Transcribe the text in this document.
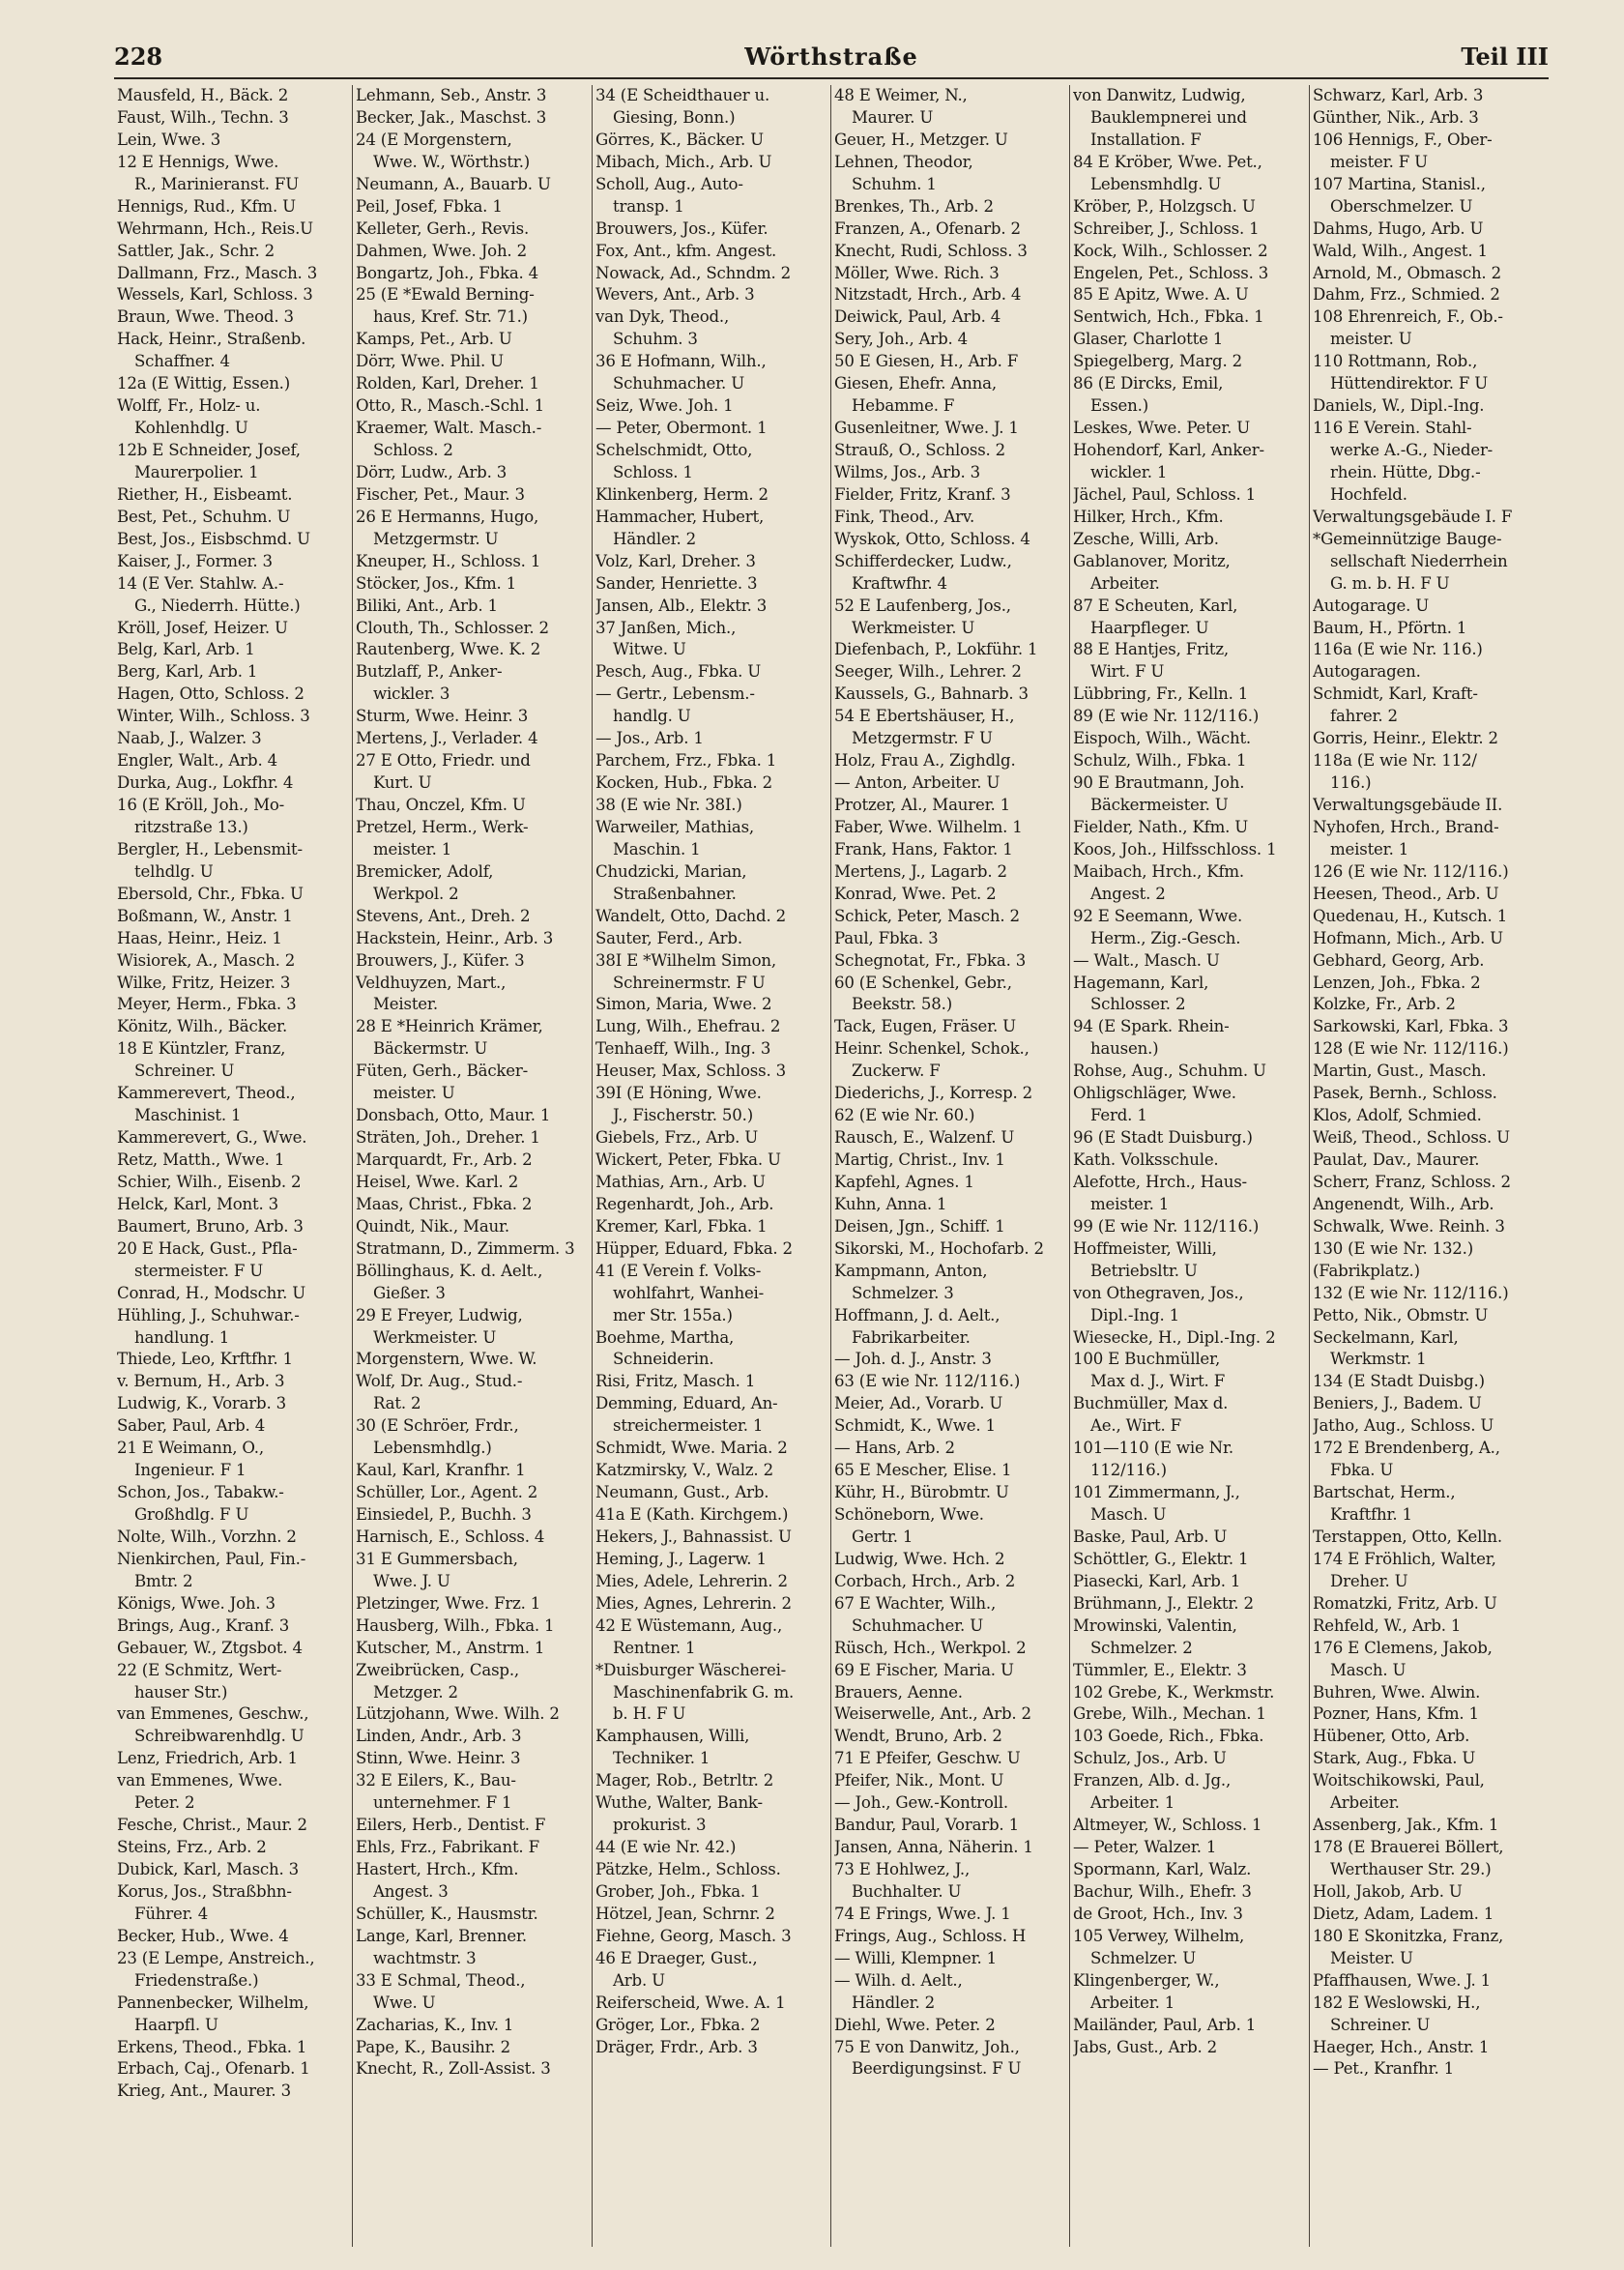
Wörthstraße
228	Teil III
Mausfeld, H., Bäck. 2
Faust, Wilh., Techn. 3
Lein, Wwe. 3
12 E Hennigs, Wwe.
R., Marinieranst. FU
Hennigs, Rud., Kfm. U
Wehrmann, Hch., Reis.U
Sattler, Jak., Schr. 2
Dallmann, Frz., Masch. 3
Wessels, Karl, Schloss. 3
Braun, Wwe. Theod. 3
Hack, Heinr., Straßenb.
Schaffner. 4
12a (E Wittig, Essen.)
Wolff, Fr., Holz- u.
Kohlenhdlg. U
12b E Schneider, Josef,
Maurerpolier. 1
Riether, H., Eisbeamt.
Best, Pet., Schuhm. U
Best, Jos., Eisbschmd. U
Kaiser, J., Former. 3
14 (E Ver. Stahlw. A.-
G., Niederrh. Hütte.)
Kröll, Josef, Heizer. U
Belg, Karl, Arb. 1
Berg, Karl, Arb. 1
Hagen, Otto, Schloss. 2
Winter, Wilh., Schloss. 3
Naab, J., Walzer. 3
Engler, Walt., Arb. 4
Durka, Aug., Lokfhr. 4
16 (E Kröll, Joh., Mo-
ritzstraße 13.)
Bergler, H., Lebensmit-
telhdlg. U
Ebersold, Chr., Fbka. U
Boßmann, W., Anstr. 1
Haas, Heinr., Heiz. 1
Wisiorek, A., Masch. 2
Wilke, Fritz, Heizer. 3
Meyer, Herm., Fbka. 3
Könitz, Wilh., Bäcker.
18 E Küntzler, Franz,
Schreiner. U
Kammerevert, Theod.,
Maschinist. 1
Kammerevert, G., Wwe.
Retz, Matth., Wwe. 1
Schier, Wilh., Eisenb. 2
Helck, Karl, Mont. 3
Baumert, Bruno, Arb. 3
20 E Hack, Gust., Pfla-
stermeister. F U
Conrad, H., Modschr. U
Hühling, J., Schuhwar.-
handlung. 1
Thiede, Leo, Krftfhr. 1
v. Bernum, H., Arb. 3
Ludwig, K., Vorarb. 3
Saber, Paul, Arb. 4
21 E Weimann, O.,
Ingenieur. F 1
Schon, Jos., Tabakw.-
Großhdlg. F U
Nolte, Wilh., Vorzhn. 2
Nienkirchen, Paul, Fin.-
Bmtr. 2
Königs, Wwe. Joh. 3
Brings, Aug., Kranf. 3
Gebauer, W., Ztgsbot. 4
22 (E Schmitz, Wert-
hauser Str.)
van Emmenes, Geschw.,
Schreibwarenhdlg. U
Lenz, Friedrich, Arb. 1
van Emmenes, Wwe.
Peter. 2
Fesche, Christ., Maur. 2
Steins, Frz., Arb. 2
Dubick, Karl, Masch. 3
Korus, Jos., Straßbhn-
Führer. 4
Becker, Hub., Wwe. 4
23 (E Lempe, Anstreich.,
Friedenstraße.)
Pannenbecker, Wilhelm,
Haarpfl. U
Erkens, Theod., Fbka. 1
Erbach, Caj., Ofenarb. 1
Krieg, Ant., Maurer. 3
Lehmann, Seb., Anstr. 3
Becker, Jak., Maschst. 3
24 (E Morgenstern,
Wwe. W., Wörthstr.)
Neumann, A., Bauarb. U
Peil, Josef, Fbka. 1
Kelleter, Gerh., Revis.
Dahmen, Wwe. Joh. 2
Bongartz, Joh., Fbka. 4
25 (E *Ewald Berning-
haus, Kref. Str. 71.)
Kamps, Pet., Arb. U
Dörr, Wwe. Phil. U
Rolden, Karl, Dreher. 1
Otto, R., Masch.-Schl. 1
Kraemer, Walt. Masch.-
Schloss. 2
Dörr, Ludw., Arb. 3
Fischer, Pet., Maur. 3
26 E Hermanns, Hugo,
Metzgermstr. U
Kneuper, H., Schloss. 1
Stöcker, Jos., Kfm. 1
Biliki, Ant., Arb. 1
Clouth, Th., Schlosser. 2
Rautenberg, Wwe. K. 2
Butzlaff, P., Anker-
wickler. 3
Sturm, Wwe. Heinr. 3
Mertens, J., Verlader. 4
27 E Otto, Friedr. und
Kurt. U
Thau, Onczel, Kfm. U
Pretzel, Herm., Werk-
meister. 1
Bremicker, Adolf,
Werkpol. 2
Stevens, Ant., Dreh. 2
Hackstein, Heinr., Arb. 3
Brouwers, J., Küfer. 3
Veldhuyzen, Mart.,
Meister.
28 E *Heinrich Krämer,
Bäckermstr. U
Füten, Gerh., Bäcker-
meister. U
Donsbach, Otto, Maur. 1
Sträten, Joh., Dreher. 1
Marquardt, Fr., Arb. 2
Heisel, Wwe. Karl. 2
Maas, Christ., Fbka. 2
Quindt, Nik., Maur.
Stratmann, D., Zimmerm. 3
Böllinghaus, K. d. Aelt.,
Gießer. 3
29 E Freyer, Ludwig,
Werkmeister. U
Morgenstern, Wwe. W.
Wolf, Dr. Aug., Stud.-
Rat. 2
30 (E Schröer, Frdr.,
Lebensmhdlg.)
Kaul, Karl, Kranfhr. 1
Schüller, Lor., Agent. 2
Einsiedel, P., Buchh. 3
Harnisch, E., Schloss. 4
31 E Gummersbach,
Wwe. J. U
Pletzinger, Wwe. Frz. 1
Hausberg, Wilh., Fbka. 1
Kutscher, M., Anstrm. 1
Zweibrücken, Casp.,
Metzger. 2
Lützjohann, Wwe. Wilh. 2
Linden, Andr., Arb. 3
Stinn, Wwe. Heinr. 3
32 E Eilers, K., Bau-
unternehmer. F 1
Eilers, Herb., Dentist. F
Ehls, Frz., Fabrikant. F
Hastert, Hrch., Kfm.
Angest. 3
Schüller, K., Hausmstr.
Lange, Karl, Brenner.
wachtmstr. 3
33 E Schmal, Theod.,
Wwe. U
Zacharias, K., Inv. 1
Pape, K., Bausihr. 2
Knecht, R., Zoll-Assist. 3
34 (E Scheidthauer u.
Giesing, Bonn.)
Görres, K., Bäcker. U
Mibach, Mich., Arb. U
Scholl, Aug., Auto-
transp. 1
Brouwers, Jos., Küfer.
Fox, Ant., kfm. Angest.
Nowack, Ad., Schndm. 2
Wevers, Ant., Arb. 3
van Dyk, Theod.,
Schuhm. 3
36 E Hofmann, Wilh.,
Schuhmacher. U
Seiz, Wwe. Joh. 1
— Peter, Obermont. 1
Schelschmidt, Otto,
Schloss. 1
Klinkenberg, Herm. 2
Hammacher, Hubert,
Händler. 2
Volz, Karl, Dreher. 3
Sander, Henriette. 3
Jansen, Alb., Elektr. 3
37 Janßen, Mich.,
Witwe. U
Pesch, Aug., Fbka. U
— Gertr., Lebensm.-
handlg. U
— Jos., Arb. 1
Parchem, Frz., Fbka. 1
Kocken, Hub., Fbka. 2
38 (E wie Nr. 38I.)
Warweiler, Mathias,
Maschin. 1
Chudzicki, Marian,
Straßenbahner.
Wandelt, Otto, Dachd. 2
Sauter, Ferd., Arb.
38I E *Wilhelm Simon,
Schreinermstr. F U
Simon, Maria, Wwe. 2
Lung, Wilh., Ehefrau. 2
Tenhaeff, Wilh., Ing. 3
Heuser, Max, Schloss. 3
39I (E Höning, Wwe.
J., Fischerstr. 50.)
Giebels, Frz., Arb. U
Wickert, Peter, Fbka. U
Mathias, Arn., Arb. U
Regenhardt, Joh., Arb.
Kremer, Karl, Fbka. 1
Hüpper, Eduard, Fbka. 2
41 (E Verein f. Volks-
wohlfahrt, Wanhei-
mer Str. 155a.)
Boehme, Martha,
Schneiderin.
Risi, Fritz, Masch. 1
Demming, Eduard, An-
streichermeister. 1
Schmidt, Wwe. Maria. 2
Katzmirsky, V., Walz. 2
Neumann, Gust., Arb.
41a E (Kath. Kirchgem.)
Hekers, J., Bahnassist. U
Heming, J., Lagerw. 1
Mies, Adele, Lehrerin. 2
Mies, Agnes, Lehrerin. 2
42 E Wüstemann, Aug.,
Rentner. 1
*Duisburger Wäscherei-
Maschinenfabrik G. m.
b. H. F U
Kamphausen, Willi,
Techniker. 1
Mager, Rob., Betrltr. 2
Wuthe, Walter, Bank-
prokurist. 3
44 (E wie Nr. 42.)
Pätzke, Helm., Schloss.
Grober, Joh., Fbka. 1
Hötzel, Jean, Schrnr. 2
Fiehne, Georg, Masch. 3
46 E Draeger, Gust.,
Arb. U
Reiferscheid, Wwe. A. 1
Gröger, Lor., Fbka. 2
Dräger, Frdr., Arb. 3
48 E Weimer, N.,
Maurer. U
Geuer, H., Metzger. U
Lehnen, Theodor,
Schuhm. 1
Brenkes, Th., Arb. 2
Franzen, A., Ofenarb. 2
Knecht, Rudi, Schloss. 3
Möller, Wwe. Rich. 3
Nitzstadt, Hrch., Arb. 4
Deiwick, Paul, Arb. 4
Sery, Joh., Arb. 4
50 E Giesen, H., Arb. F
Giesen, Ehefr. Anna,
Hebamme. F
Gusenleitner, Wwe. J. 1
Strauß, O., Schloss. 2
Wilms, Jos., Arb. 3
Fielder, Fritz, Kranf. 3
Fink, Theod., Arv.
Wyskok, Otto, Schloss. 4
Schifferdecker, Ludw.,
Kraftwfhr. 4
52 E Laufenberg, Jos.,
Werkmeister. U
Diefenbach, P., Lokführ. 1
Seeger, Wilh., Lehrer. 2
Kaussels, G., Bahnarb. 3
54 E Ebertshäuser, H.,
Metzgermstr. F U
Holz, Frau A., Zighdlg.
— Anton, Arbeiter. U
Protzer, Al., Maurer. 1
Faber, Wwe. Wilhelm. 1
Frank, Hans, Faktor. 1
Mertens, J., Lagarb. 2
Konrad, Wwe. Pet. 2
Schick, Peter, Masch. 2
Paul, Fbka. 3
Schegnotat, Fr., Fbka. 3
60 (E Schenkel, Gebr.,
Beekstr. 58.)
Tack, Eugen, Fräser. U
Heinr. Schenkel, Schok.,
Zuckerw. F
Diederichs, J., Korresp. 2
62 (E wie Nr. 60.)
Rausch, E., Walzenf. U
Martig, Christ., Inv. 1
Kapfehl, Agnes. 1
Kuhn, Anna. 1
Deisen, Jgn., Schiff. 1
Sikorski, M., Hochofarb. 2
Kampmann, Anton,
Schmelzer. 3
Hoffmann, J. d. Aelt.,
Fabrikarbeiter.
— Joh. d. J., Anstr. 3
63 (E wie Nr. 112/116.)
Meier, Ad., Vorarb. U
Schmidt, K., Wwe. 1
— Hans, Arb. 2
65 E Mescher, Elise. 1
Kühr, H., Bürobmtr. U
Schöneborn, Wwe.
Gertr. 1
Ludwig, Wwe. Hch. 2
Corbach, Hrch., Arb. 2
67 E Wachter, Wilh.,
Schuhmacher. U
Rüsch, Hch., Werkpol. 2
69 E Fischer, Maria. U
Brauers, Aenne.
Weiserwelle, Ant., Arb. 2
Wendt, Bruno, Arb. 2
71 E Pfeifer, Geschw. U
Pfeifer, Nik., Mont. U
— Joh., Gew.-Kontroll.
Bandur, Paul, Vorarb. 1
Jansen, Anna, Näherin. 1
73 E Hohlwez, J.,
Buchhalter. U
74 E Frings, Wwe. J. 1
Frings, Aug., Schloss. H
— Willi, Klempner. 1
— Wilh. d. Aelt.,
Händler. 2
Diehl, Wwe. Peter. 2
75 E von Danwitz, Joh.,
Beerdigungsinst. F U
von Danwitz, Ludwig,
Bauklempnerei und
Installation. F
84 E Kröber, Wwe. Pet.,
Lebensmhdlg. U
Kröber, P., Holzgsch. U
Schreiber, J., Schloss. 1
Kock, Wilh., Schlosser. 2
Engelen, Pet., Schloss. 3
85 E Apitz, Wwe. A. U
Sentwich, Hch., Fbka. 1
Glaser, Charlotte 1
Spiegelberg, Marg. 2
86 (E Dircks, Emil,
Essen.)
Leskes, Wwe. Peter. U
Hohendorf, Karl, Anker-
wickler. 1
Jächel, Paul, Schloss. 1
Hilker, Hrch., Kfm.
Zesche, Willi, Arb.
Gablanover, Moritz,
Arbeiter.
87 E Scheuten, Karl,
Haarpfleger. U
88 E Hantjes, Fritz,
Wirt. F U
Lübbring, Fr., Kelln. 1
89 (E wie Nr. 112/116.)
Eispoch, Wilh., Wächt.
Schulz, Wilh., Fbka. 1
90 E Brautmann, Joh.
Bäckermeister. U
Fielder, Nath., Kfm. U
Koos, Joh., Hilfsschloss. 1
Maibach, Hrch., Kfm.
Angest. 2
92 E Seemann, Wwe.
Herm., Zig.-Gesch.
— Walt., Masch. U
Hagemann, Karl,
Schlosser. 2
94 (E Spark. Rhein-
hausen.)
Rohse, Aug., Schuhm. U
Ohligschläger, Wwe.
Ferd. 1
96 (E Stadt Duisburg.)
Kath. Volksschule.
Alefotte, Hrch., Haus-
meister. 1
99 (E wie Nr. 112/116.)
Hoffmeister, Willi,
Betriebsltr. U
von Othegraven, Jos.,
Dipl.-Ing. 1
Wiesecke, H., Dipl.-Ing. 2
100 E Buchmüller,
Max d. J., Wirt. F
Buchmüller, Max d.
Ae., Wirt. F
101—110 (E wie Nr.
112/116.)
101 Zimmermann, J.,
Masch. U
Baske, Paul, Arb. U
Schöttler, G., Elektr. 1
Piasecki, Karl, Arb. 1
Brühmann, J., Elektr. 2
Mrowinski, Valentin,
Schmelzer. 2
Tümmler, E., Elektr. 3
102 Grebe, K., Werkmstr.
Grebe, Wilh., Mechan. 1
103 Goede, Rich., Fbka.
Schulz, Jos., Arb. U
Franzen, Alb. d. Jg.,
Arbeiter. 1
Altmeyer, W., Schloss. 1
— Peter, Walzer. 1
Spormann, Karl, Walz.
Bachur, Wilh., Ehefr. 3
de Groot, Hch., Inv. 3
105 Verwey, Wilhelm,
Schmelzer. U
Klingenberger, W.,
Arbeiter. 1
Mailänder, Paul, Arb. 1
Jabs, Gust., Arb. 2
Schwarz, Karl, Arb. 3
Günther, Nik., Arb. 3
106 Hennigs, F., Ober-
meister. F U
107 Martina, Stanisl.,
Oberschmelzer. U
Dahms, Hugo, Arb. U
Wald, Wilh., Angest. 1
Arnold, M., Obmasch. 2
Dahm, Frz., Schmied. 2
108 Ehrenreich, F., Ob.-
meister. U
110 Rottmann, Rob.,
Hüttendirektor. F U
Daniels, W., Dipl.-Ing.
116 E Verein. Stahl-
werke A.-G., Nieder-
rhein. Hütte, Dbg.-
Hochfeld.
Verwaltungsgebäude I. F
*Gemeinnützige Bauge-
sellschaft Niederrhein
G. m. b. H. F U
Autogarage. U
Baum, H., Pförtn. 1
116a (E wie Nr. 116.)
Autogaragen.
Schmidt, Karl, Kraft-
fahrer. 2
Gorris, Heinr., Elektr. 2
118a (E wie Nr. 112/
116.)
Verwaltungsgebäude II.
Nyhofen, Hrch., Brand-
meister. 1
126 (E wie Nr. 112/116.)
Heesen, Theod., Arb. U
Quedenau, H., Kutsch. 1
Hofmann, Mich., Arb. U
Gebhard, Georg, Arb.
Lenzen, Joh., Fbka. 2
Kolzke, Fr., Arb. 2
Sarkowski, Karl, Fbka. 3
128 (E wie Nr. 112/116.)
Martin, Gust., Masch.
Pasek, Bernh., Schloss.
Klos, Adolf, Schmied.
Weiß, Theod., Schloss. U
Paulat, Dav., Maurer.
Scherr, Franz, Schloss. 2
Angenendt, Wilh., Arb.
Schwalk, Wwe. Reinh. 3
130 (E wie Nr. 132.)
(Fabrikplatz.)
132 (E wie Nr. 112/116.)
Petto, Nik., Obmstr. U
Seckelmann, Karl,
Werkmstr. 1
134 (E Stadt Duisbg.)
Beniers, J., Badem. U
Jatho, Aug., Schloss. U
172 E Brendenberg, A.,
Fbka. U
Bartschat, Herm.,
Kraftfhr. 1
Terstappen, Otto, Kelln.
174 E Fröhlich, Walter,
Dreher. U
Romatzki, Fritz, Arb. U
Rehfeld, W., Arb. 1
176 E Clemens, Jakob,
Masch. U
Buhren, Wwe. Alwin.
Pozner, Hans, Kfm. 1
Hübener, Otto, Arb.
Stark, Aug., Fbka. U
Woitschikowski, Paul,
Arbeiter.
Assenberg, Jak., Kfm. 1
178 (E Brauerei Böllert,
Werthauser Str. 29.)
Holl, Jakob, Arb. U
Dietz, Adam, Ladem. 1
180 E Skonitzka, Franz,
Meister. U
Pfaffhausen, Wwe. J. 1
182 E Weslowski, H.,
Schreiner. U
Haeger, Hch., Anstr. 1
— Pet., Kranfhr. 1
